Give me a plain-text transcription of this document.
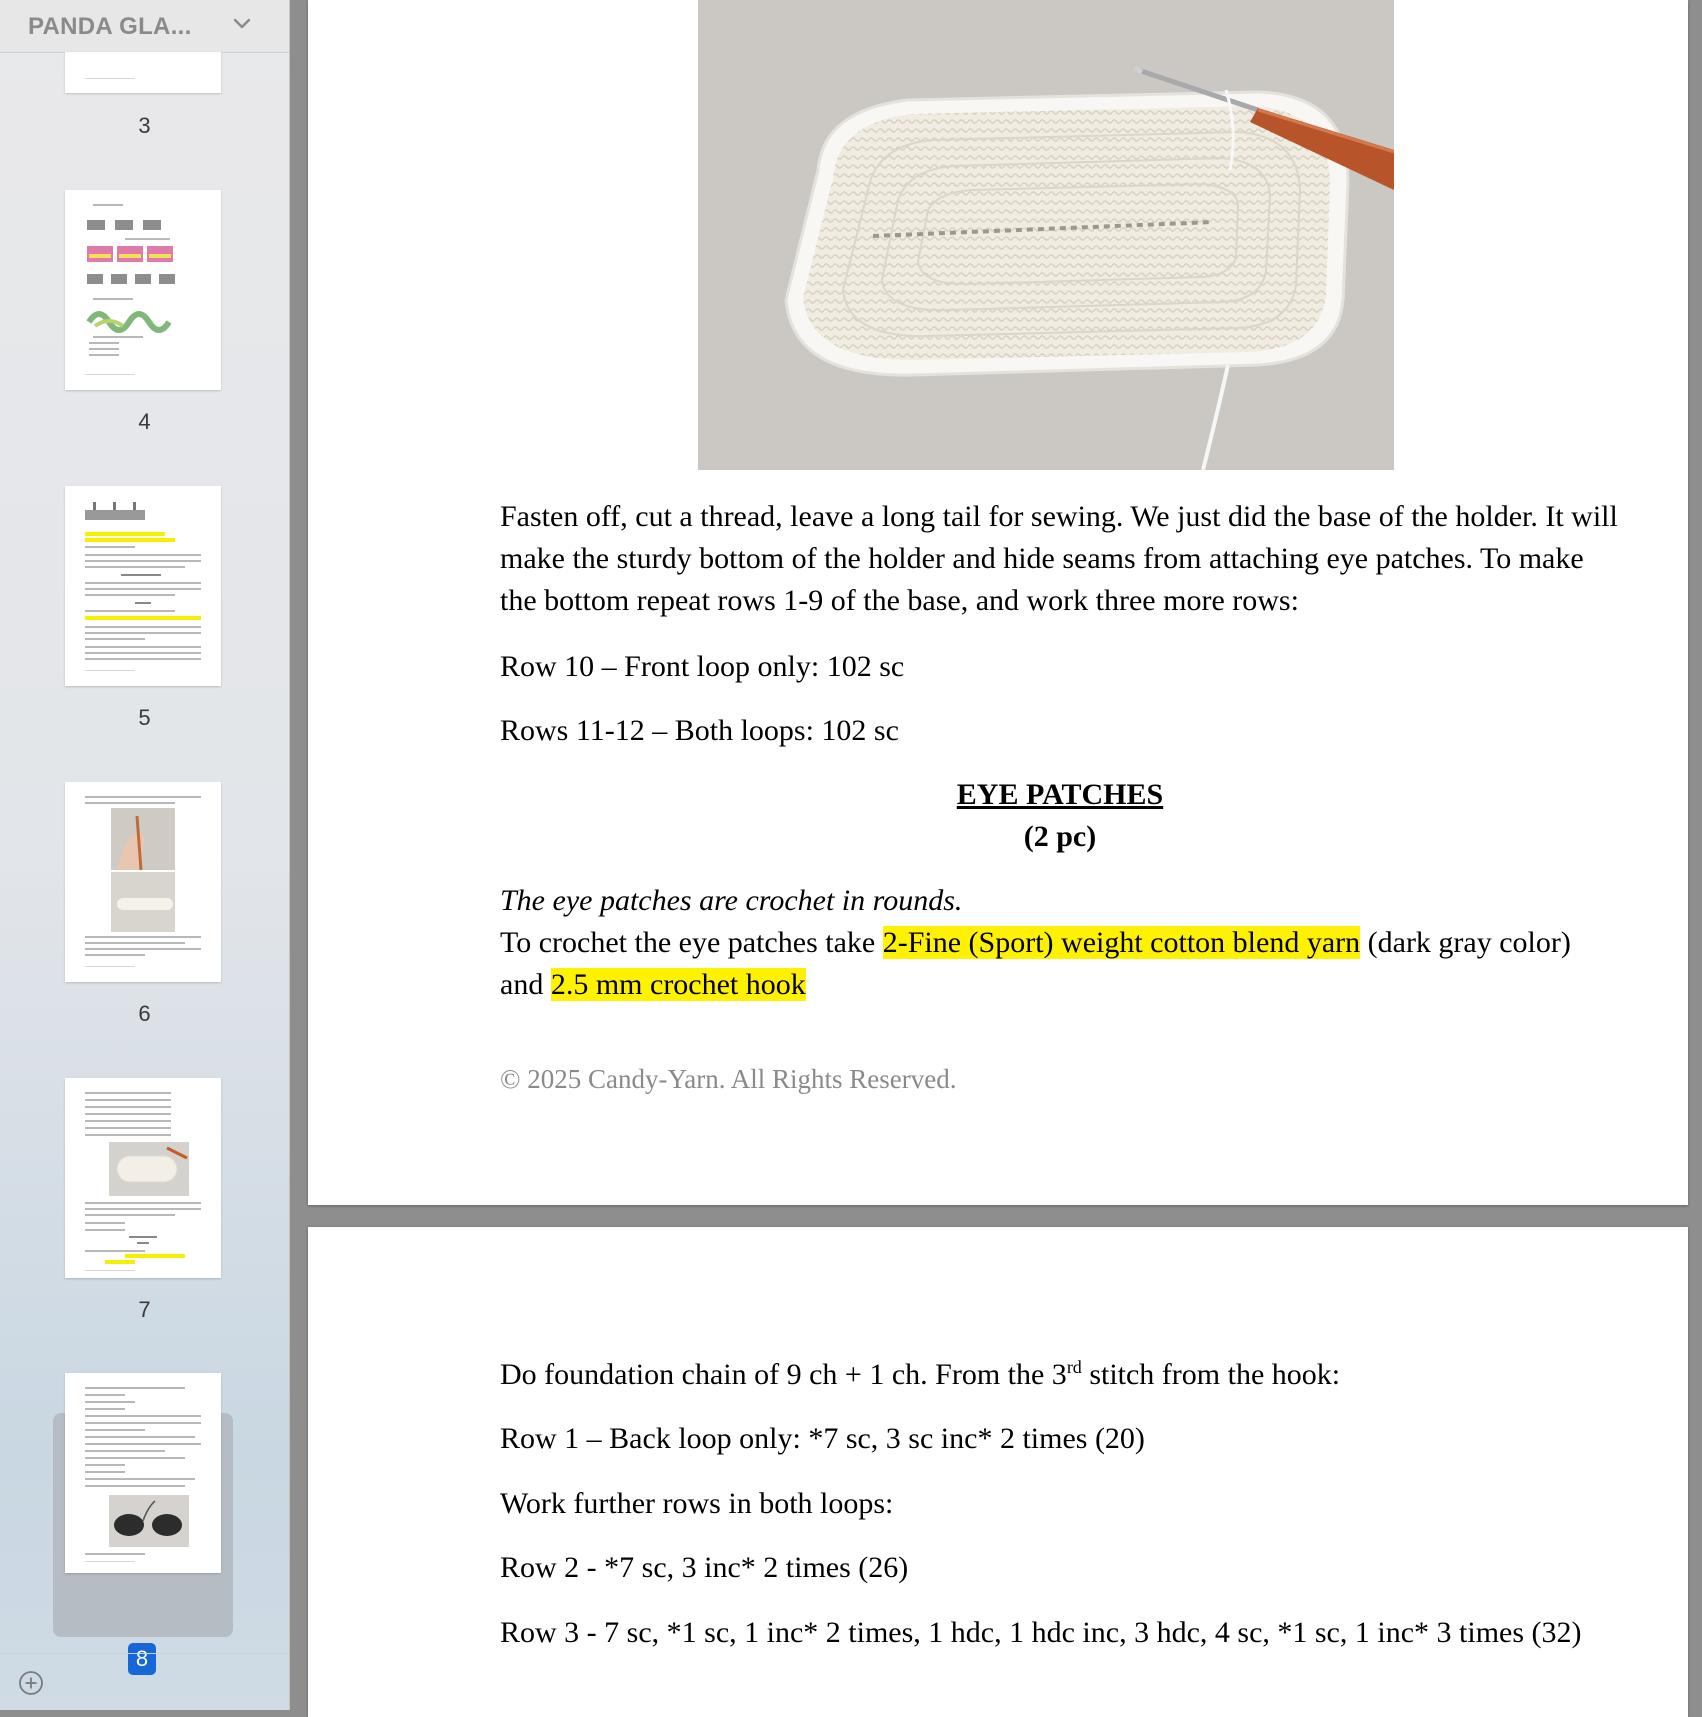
PANDA GLA...
3
4
5
6
7
8
Fasten off, cut a thread, leave a long tail for sewing. We just did the base of the holder. It will make the sturdy bottom of the holder and hide seams from attaching eye patches. To make the bottom repeat rows 1-9 of the base, and work three more rows:
Row 10 – Front loop only: 102 sc
Rows 11-12 – Both loops: 102 sc
EYE PATCHES
(2 pc)
The eye patches are crochet in rounds.
To crochet the eye patches take 2-Fine (Sport) weight cotton blend yarn (dark gray color) and 2.5 mm crochet hook
© 2025 Candy-Yarn. All Rights Reserved.
Do foundation chain of 9 ch + 1 ch. From the 3rd stitch from the hook:
Row 1 – Back loop only: *7 sc, 3 sc inc* 2 times (20)
Work further rows in both loops:
Row 2 - *7 sc, 3 inc* 2 times (26)
Row 3 - 7 sc, *1 sc, 1 inc* 2 times, 1 hdc, 1 hdc inc, 3 hdc, 4 sc, *1 sc, 1 inc* 3 times (32)
